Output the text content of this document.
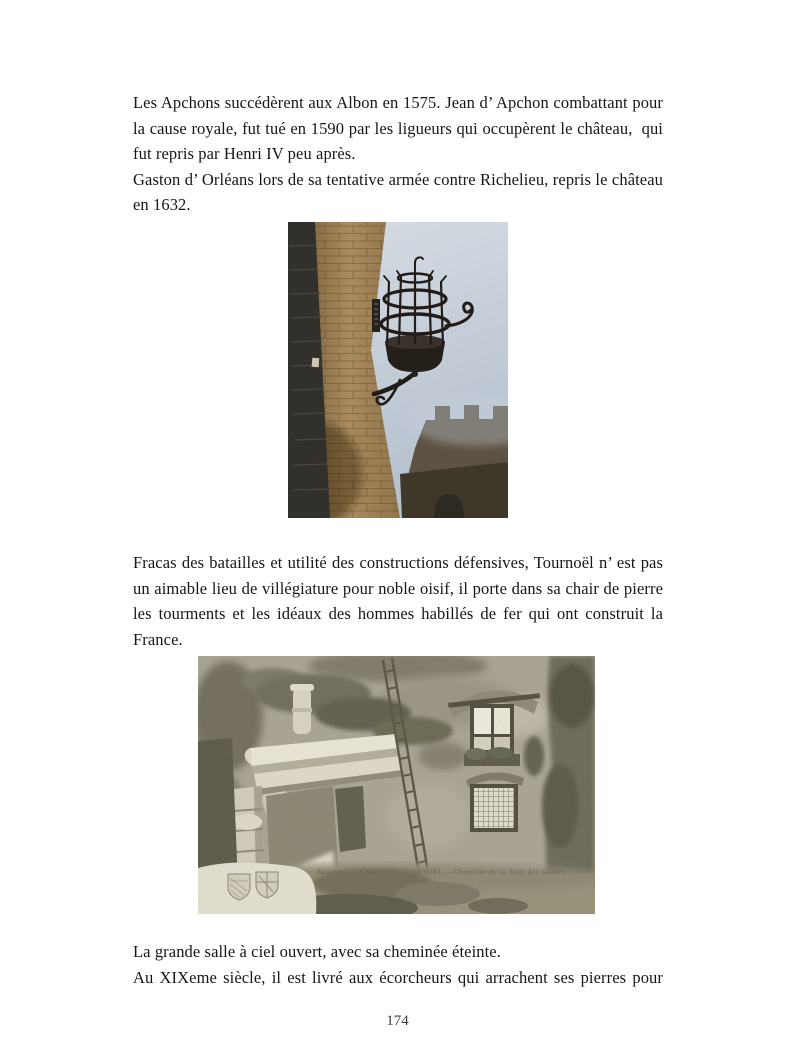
Les Apchons succédèrent aux Albon en 1575. Jean d’ Apchon combattant pour la cause royale, fut tué en 1590 par les ligueurs qui occupèrent le château,  qui fut repris par Henri IV peu après.

Gaston d’ Orléans lors de sa tentative armée contre Richelieu, repris le château en 1632.

Fracas des batailles et utilité des constructions défensives, Tournoël n’ est pas un aimable lieu de villégiature pour noble oisif, il porte dans sa chair de pierre les tourments et les idéaux des hommes habillés de fer qui ont construit la France.

Auvergne — Château de TOURNOEL — Cheminée de la Salle des Gardes

La grande salle à ciel ouvert, avec sa cheminée éteinte.

Au XIXeme siècle, il est livré aux écorcheurs qui arrachent ses pierres pour

174
